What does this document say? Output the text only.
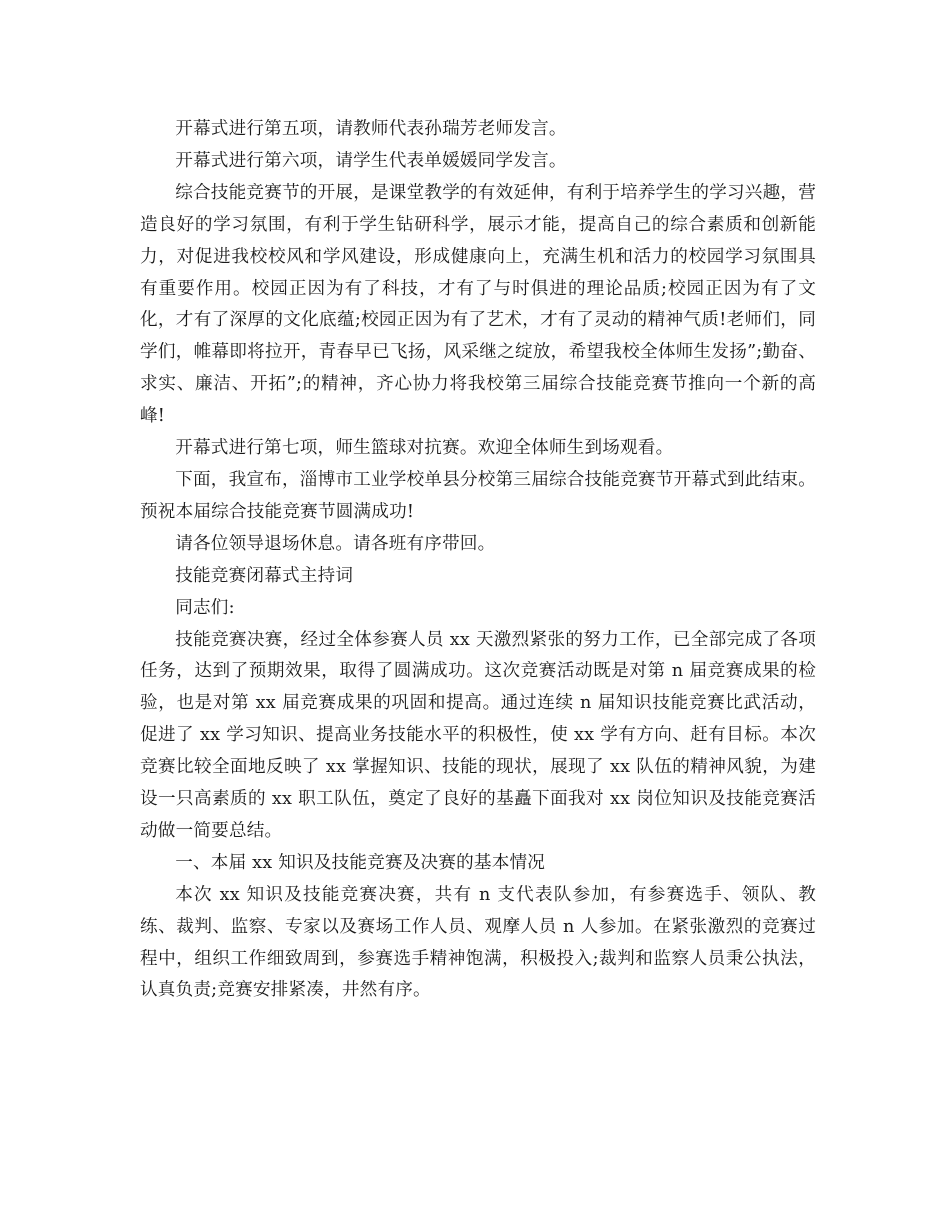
开幕式进行第五项，请教师代表孙瑞芳老师发言。

开幕式进行第六项，请学生代表单媛媛同学发言。

综合技能竞赛节的开展，是课堂教学的有效延伸，有利于培养学生的学习兴趣，营造良好的学习氛围，有利于学生钻研科学，展示才能，提高自己的综合素质和创新能力，对促进我校校风和学风建设，形成健康向上，充满生机和活力的校园学习氛围具有重要作用。校园正因为有了科技，才有了与时俱进的理论品质;校园正因为有了文化，才有了深厚的文化底蕴;校园正因为有了艺术，才有了灵动的精神气质!老师们，同学们，帷幕即将拉开，青春早已飞扬，风采继之绽放，希望我校全体师生发扬”;勤奋、求实、廉洁、开拓”;的精神，齐心协力将我校第三届综合技能竞赛节推向一个新的高峰!

开幕式进行第七项，师生篮球对抗赛。欢迎全体师生到场观看。

下面，我宣布，淄博市工业学校单县分校第三届综合技能竞赛节开幕式到此结束。预祝本届综合技能竞赛节圆满成功!

请各位领导退场休息。请各班有序带回。

技能竞赛闭幕式主持词

同志们:

技能竞赛决赛，经过全体参赛人员 xx 天激烈紧张的努力工作，已全部完成了各项任务，达到了预期效果，取得了圆满成功。这次竞赛活动既是对第 n 届竞赛成果的检验，也是对第 xx 届竞赛成果的巩固和提高。通过连续 n 届知识技能竞赛比武活动，促进了 xx 学习知识、提高业务技能水平的积极性，使 xx 学有方向、赶有目标。本次竞赛比较全面地反映了 xx 掌握知识、技能的现状，展现了 xx 队伍的精神风貌，为建设一只高素质的 xx 职工队伍，奠定了良好的基矗下面我对 xx 岗位知识及技能竞赛活动做一简要总结。

一、本届 xx 知识及技能竞赛及决赛的基本情况

本次 xx 知识及技能竞赛决赛，共有 n 支代表队参加，有参赛选手、领队、教练、裁判、监察、专家以及赛场工作人员、观摩人员 n 人参加。在紧张激烈的竞赛过程中，组织工作细致周到，参赛选手精神饱满，积极投入;裁判和监察人员秉公执法，认真负责;竞赛安排紧凑，井然有序。
